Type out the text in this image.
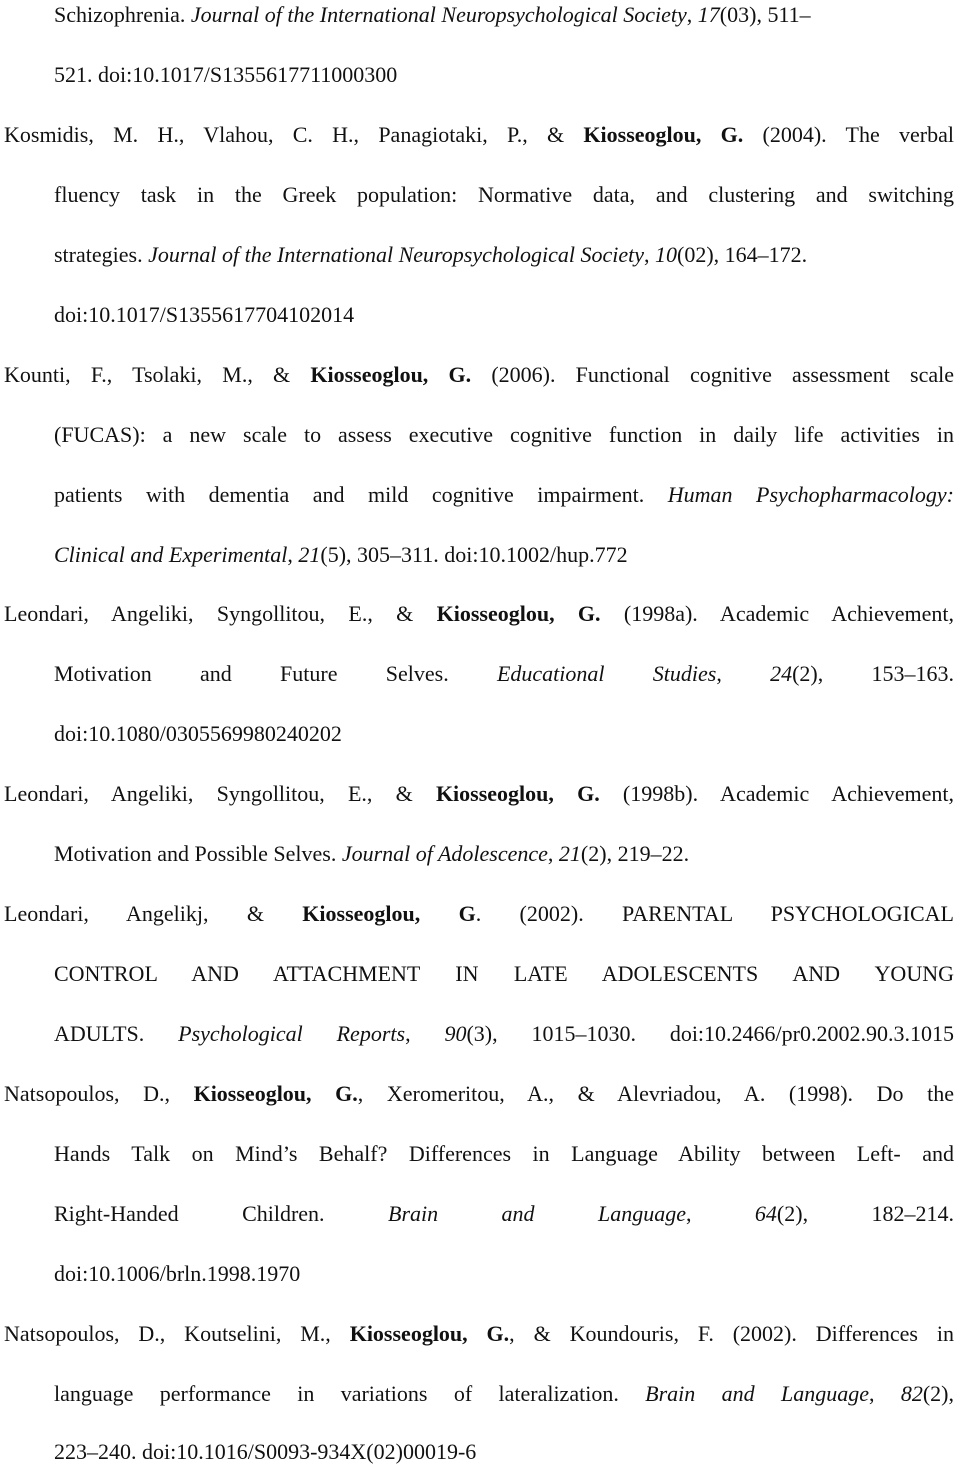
Schizophrenia. Journal of the International Neuropsychological Society, 17(03), 511–
521. doi:10.1017/S1355617711000300
Kosmidis, M. H., Vlahou, C. H., Panagiotaki, P., & Kiosseoglou, G. (2004). The verbal
fluency task in the Greek population: Normative data, and clustering and switching
strategies. Journal of the International Neuropsychological Society, 10(02), 164–172.
doi:10.1017/S1355617704102014
Kounti, F., Tsolaki, M., & Kiosseoglou, G. (2006). Functional cognitive assessment scale
(FUCAS): a new scale to assess executive cognitive function in daily life activities in
patients with dementia and mild cognitive impairment. Human Psychopharmacology:
Clinical and Experimental, 21(5), 305–311. doi:10.1002/hup.772
Leondari, Angeliki, Syngollitou, E., & Kiosseoglou, G. (1998a). Academic Achievement,
Motivation and Future Selves. Educational Studies, 24(2), 153–163.
doi:10.1080/0305569980240202
Leondari, Angeliki, Syngollitou, E., & Kiosseoglou, G. (1998b). Academic Achievement,
Motivation and Possible Selves. Journal of Adolescence, 21(2), 219–22.
Leondari, Angelikj, & Kiosseoglou, G. (2002). PARENTAL PSYCHOLOGICAL
CONTROL AND ATTACHMENT IN LATE ADOLESCENTS AND YOUNG
ADULTS. Psychological Reports, 90(3), 1015–1030. doi:10.2466/pr0.2002.90.3.1015
Natsopoulos, D., Kiosseoglou, G., Xeromeritou, A., & Alevriadou, A. (1998). Do the
Hands Talk on Mind’s Behalf? Differences in Language Ability between Left- and
Right-Handed Children. Brain and Language, 64(2), 182–214.
doi:10.1006/brln.1998.1970
Natsopoulos, D., Koutselini, M., Kiosseoglou, G., & Koundouris, F. (2002). Differences in
language performance in variations of lateralization. Brain and Language, 82(2),
223–240. doi:10.1016/S0093-934X(02)00019-6
